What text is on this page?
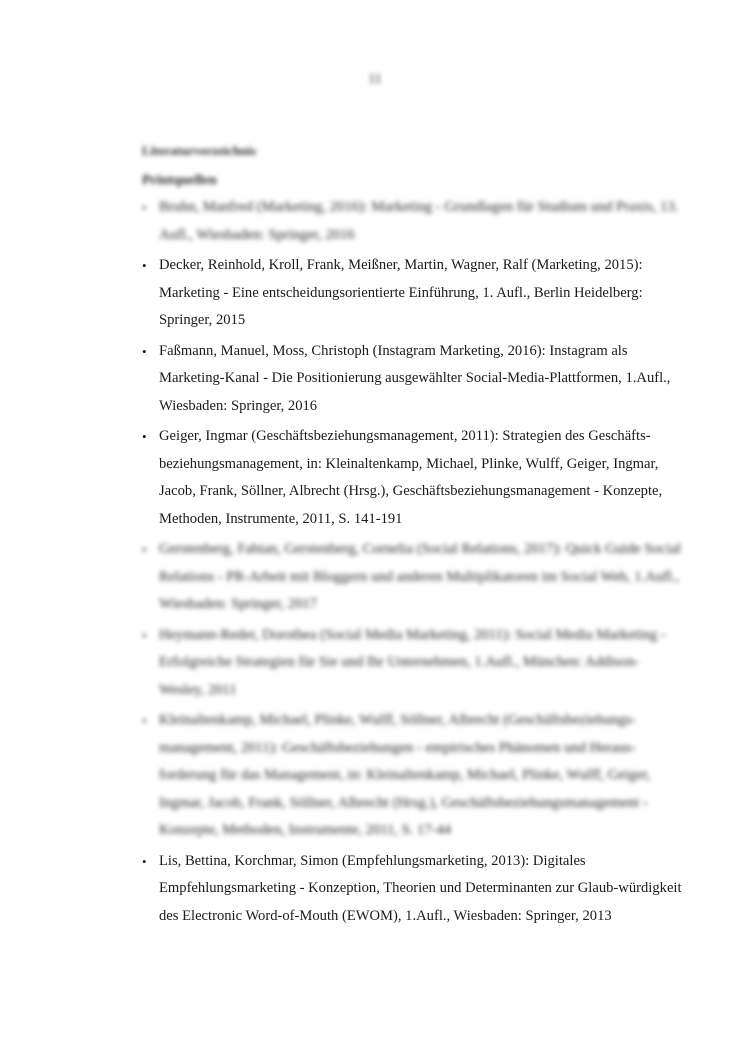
11
Literaturverzeichnis
Printquellen
• Bruhn, Manfred (Marketing, 2016): Marketing - Grundlagen für Studium und Praxis, 13. Aufl., Wiesbaden: Springer, 2016
• Decker, Reinhold, Kroll, Frank, Meißner, Martin, Wagner, Ralf (Marketing, 2015): Marketing - Eine entscheidungsorientierte Einführung, 1. Aufl., Berlin Heidelberg: Springer, 2015
• Faßmann, Manuel, Moss, Christoph (Instagram Marketing, 2016): Instagram als Marketing-Kanal - Die Positionierung ausgewählter Social-Media-Plattformen, 1.Aufl., Wiesbaden: Springer, 2016
• Geiger, Ingmar (Geschäftsbeziehungsmanagement, 2011): Strategien des Geschäfts-beziehungsmanagement, in: Kleinaltenkamp, Michael, Plinke, Wulff, Geiger, Ingmar, Jacob, Frank, Söllner, Albrecht (Hrsg.), Geschäftsbeziehungsmanagement - Konzepte, Methoden, Instrumente, 2011, S. 141-191
• Gerstenberg, Fabian, Gerstenberg, Cornelia (Social Relations, 2017): Quick Guide Social Relations - PR-Arbeit mit Bloggern und anderen Multiplikatoren im Social Web, 1.Aufl., Wiesbaden: Springer, 2017
• Heymann-Reder, Dorothea (Social Media Marketing, 2011): Social Media Marketing - Erfolgreiche Strategien für Sie und Ihr Unternehmen, 1.Aufl., München: Addison-Wesley, 2011
• Kleinaltenkamp, Michael, Plinke, Wulff, Söllner, Albrecht (Geschäftsbeziehungs-management, 2011): Geschäftsbeziehungen - empirisches Phänomen und Heraus-forderung für das Management, in: Kleinaltenkamp, Michael, Plinke, Wulff, Geiger, Ingmar, Jacob, Frank, Söllner, Albrecht (Hrsg.), Geschäftsbeziehungsmanagement - Konzepte, Methoden, Instrumente, 2011, S. 17-44
• Lis, Bettina, Korchmar, Simon (Empfehlungsmarketing, 2013): Digitales Empfehlungsmarketing - Konzeption, Theorien und Determinanten zur Glaub-würdigkeit des Electronic Word-of-Mouth (EWOM), 1.Aufl., Wiesbaden: Springer, 2013
